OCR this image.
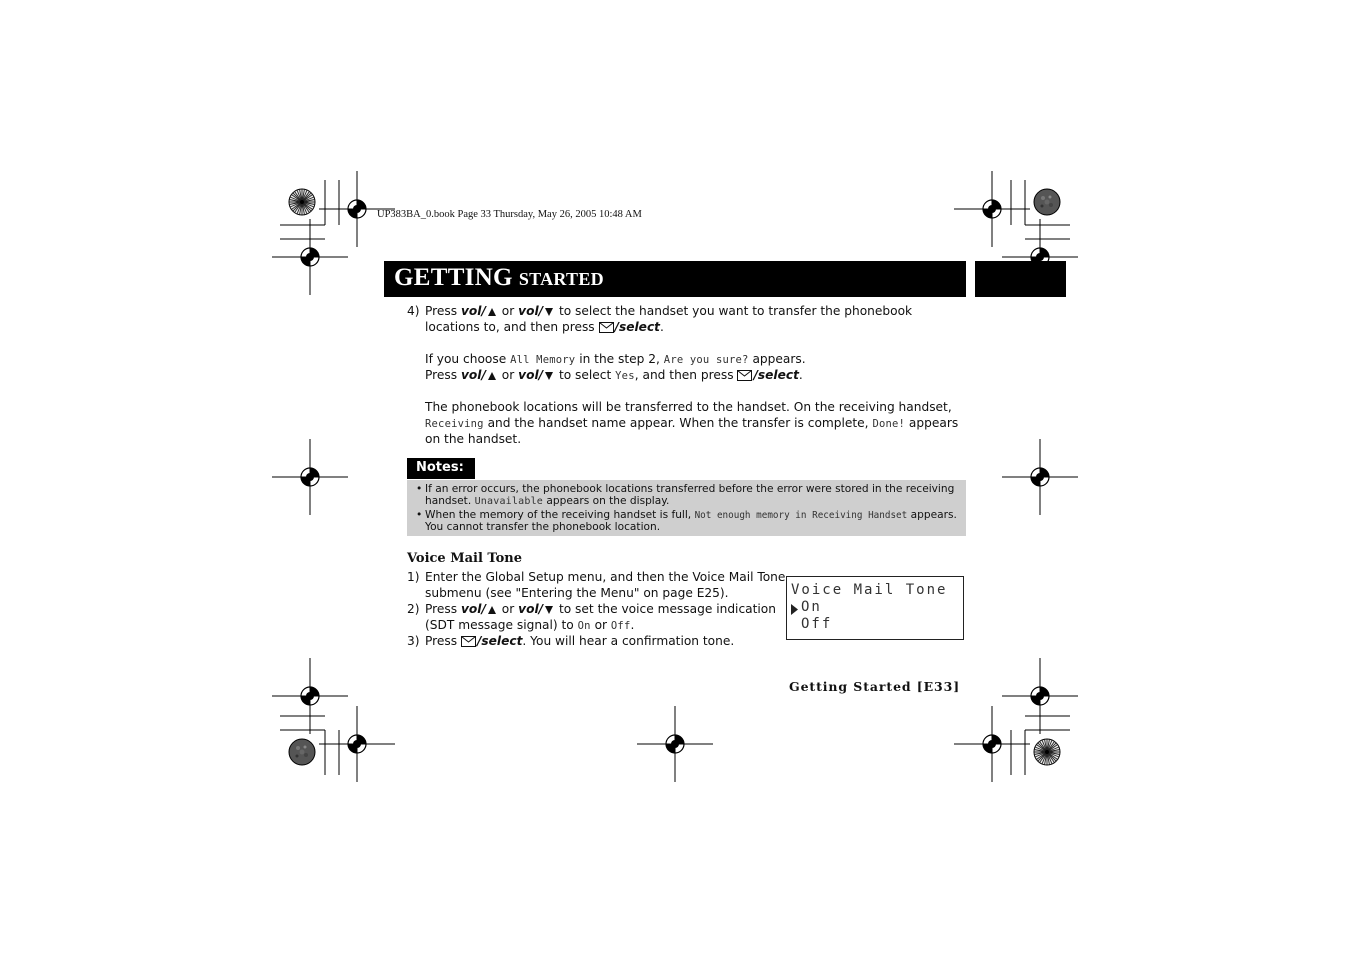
UP383BA_0.book Page 33 Thursday, May 26, 2005 10:48 AM
GETTING STARTED
4) Press vol/ or vol/ to select the handset you want to transfer the phonebook
locations to, and then press /select.
If you choose All Memory in the step 2, Are you sure? appears.
Press vol/ or vol/ to select Yes, and then press /select.
The phonebook locations will be transferred to the handset. On the receiving handset,
Receiving and the handset name appear. When the transfer is complete, Done! appears
on the handset.
Notes:
• If an error occurs, the phonebook locations transferred before the error were stored in the receiving
handset. Unavailable appears on the display.
• When the memory of the receiving handset is full, Not enough memory in Receiving Handset appears.
You cannot transfer the phonebook location.
Voice Mail Tone
1) Enter the Global Setup menu, and then the Voice Mail Tone
submenu (see "Entering the Menu" on page E25).
2) Press vol/ or vol/ to set the voice message indication
(SDT message signal) to On or Off.
3) Press /select. You will hear a confirmation tone.
Voice Mail Tone
On
Off
Getting Started [E33]
